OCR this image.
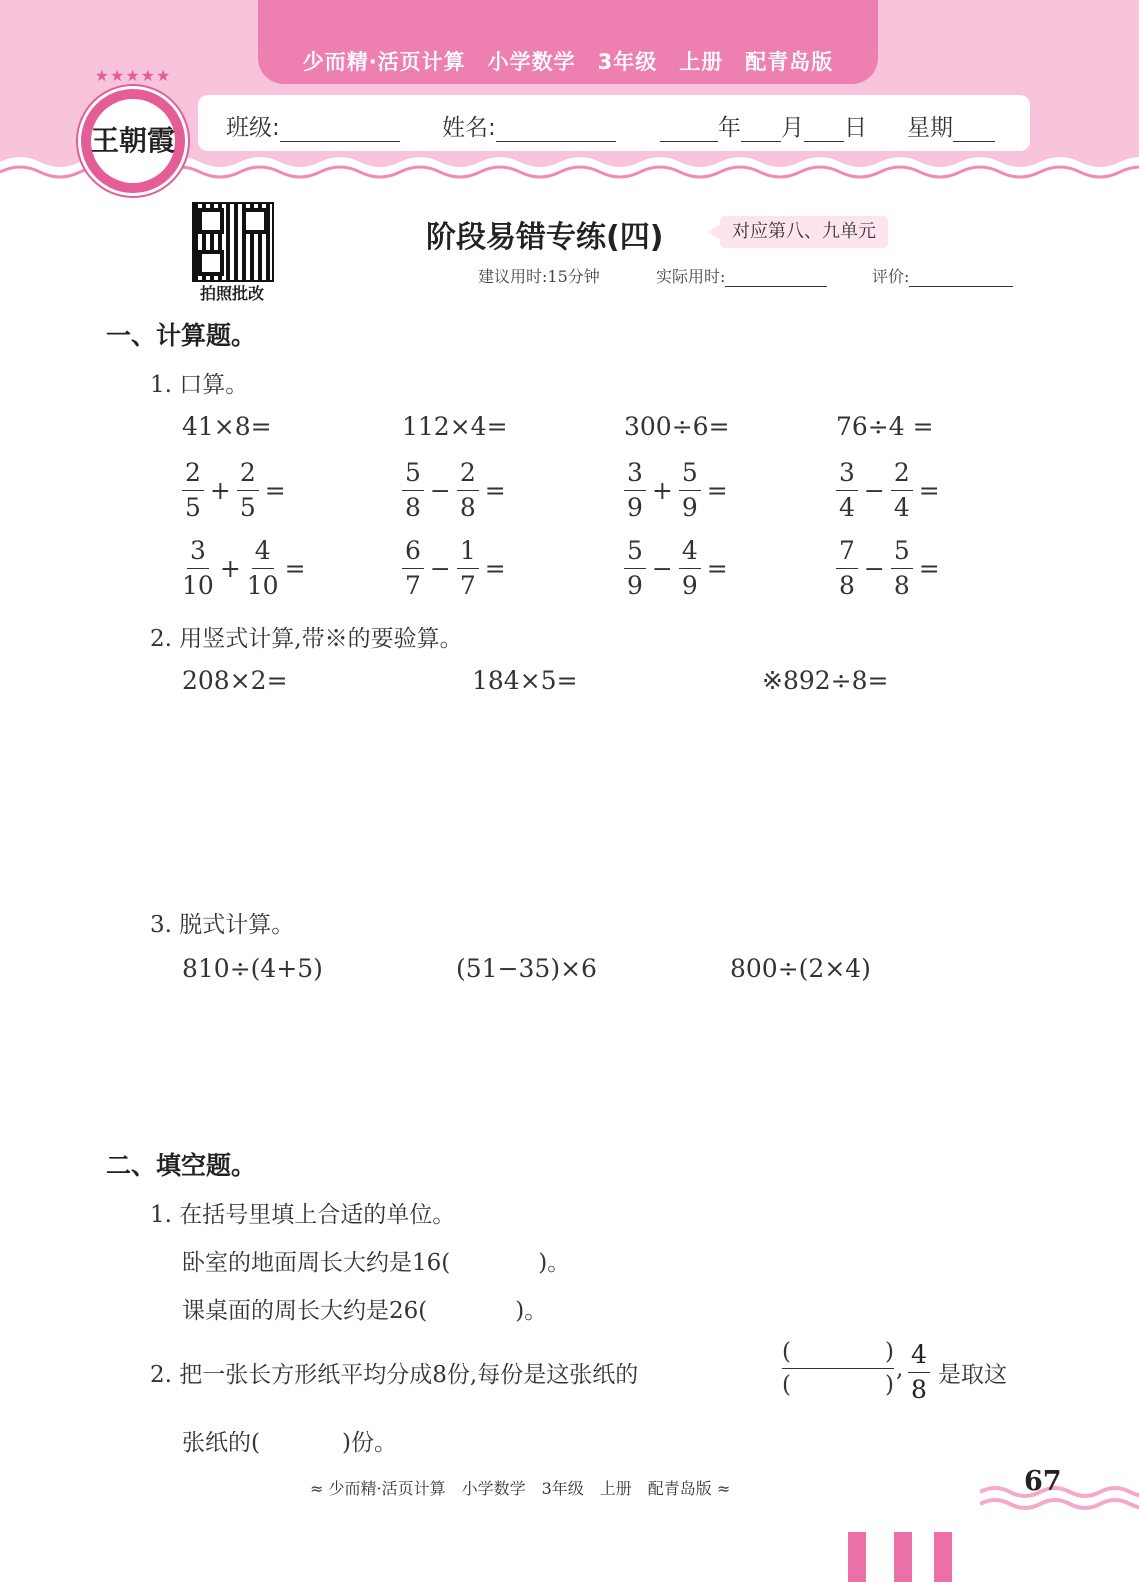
少而精·活页计算　小学数学　3年级　上册　配青岛版
班级:	姓名:	年 月 日 星期
★★★★★
王朝霞
拍照批改
阶段易错专练(四)	对应第八、九单元
建议用时:15分钟	实际用时:	评价:
一、计算题。
1. 口算。
41×8=	112×4=	300÷6=	76÷4 =
$\frac{2}{5} + \frac{2}{5}$ =	$\frac{5}{8} - \frac{2}{8}$ =	$\frac{3}{9} + \frac{5}{9}$ =	$\frac{3}{4} - \frac{2}{4}$ =
$\frac{3}{10} + \frac{4}{10}$ =	$\frac{6}{7} - \frac{1}{7}$ =	$\frac{5}{9} - \frac{4}{9}$ =	$\frac{7}{8} - \frac{5}{8}$ =
2. 用竖式计算,带※的要验算。
208×2=	184×5=	※892÷8=
3. 脱式计算。
810÷(4+5)	(51−35)×6	800÷(2×4)
二、填空题。
1. 在括号里填上合适的单位。
卧室的地面周长大约是16(	)。
课桌面的周长大约是26(	)。
2. 把一张长方形纸平均分成8份,每份是这张纸的
(	)
(	)
, $\frac{4}{8}$ 是取这
张纸的(	)份。
≈ 少而精·活页计算　小学数学　3年级　上册　配青岛版 ≈	67
